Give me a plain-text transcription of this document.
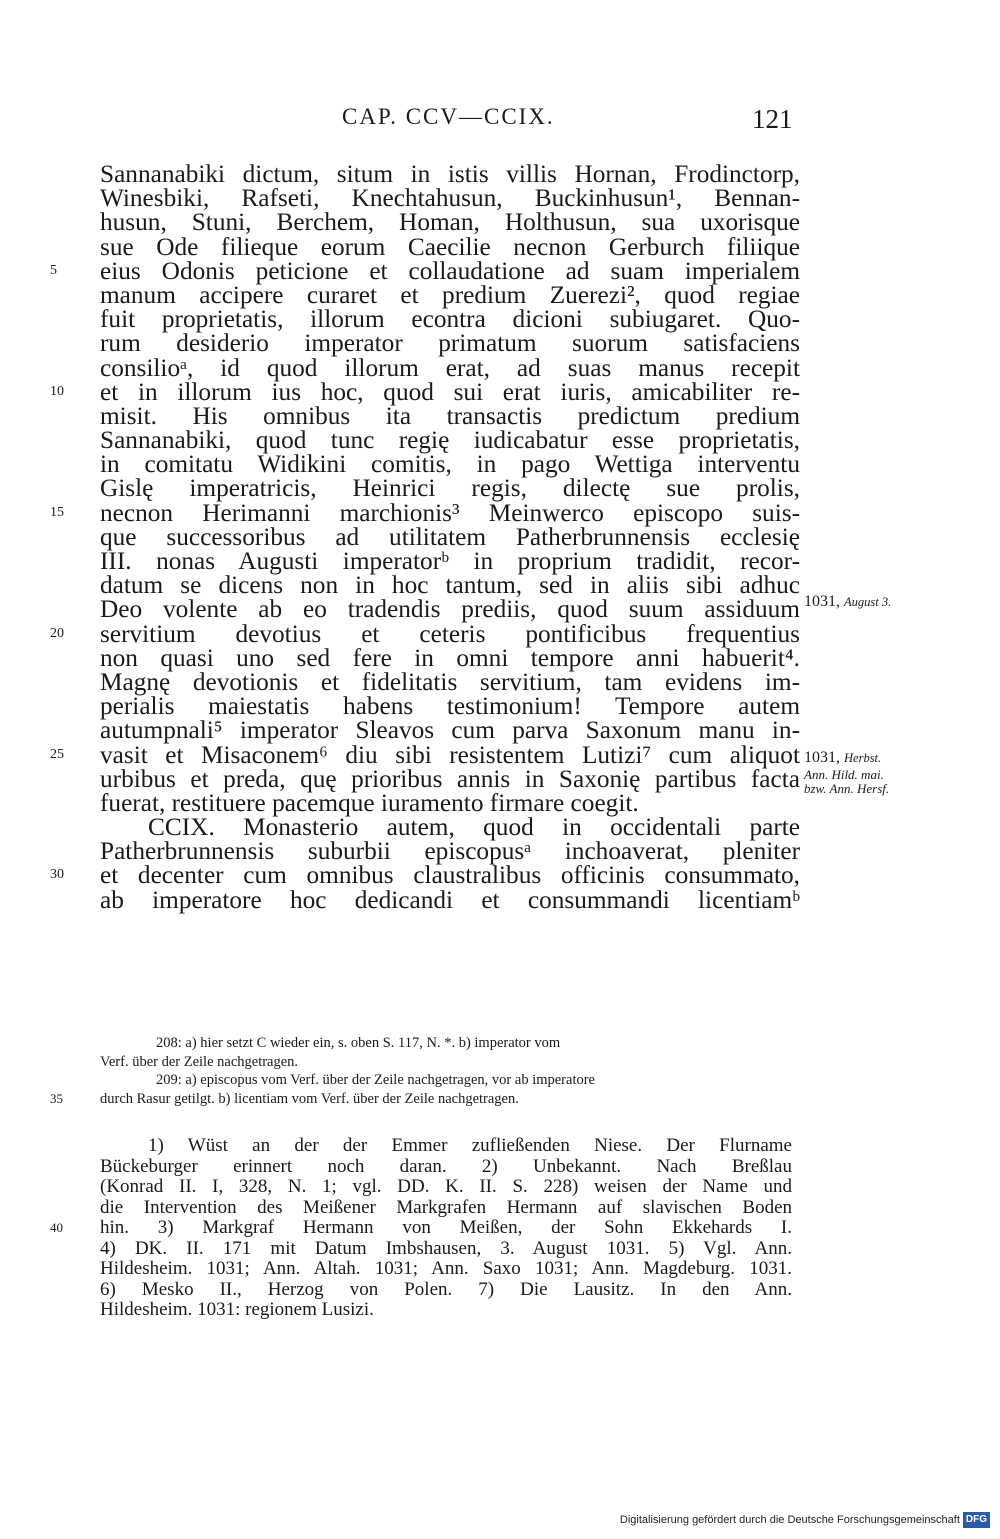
CAP. CCV—CCIX.	121
Sannanabiki dictum, situm in istis villis Hornan, Frodinctorp,
Winesbiki, Rafseti, Knechtahusun, Buckinhusun¹, Bennan-
husun, Stuni, Berchem, Homan, Holthusun, sua uxorisque
sue Ode filieque eorum Caecilie necnon Gerburch filiique
5	eius Odonis peticione et collaudatione ad suam imperialem
manum accipere curaret et predium Zuerezi², quod regiae
fuit proprietatis, illorum econtra dicioni subiugaret. Quo-
rum desiderio imperator primatum suorum satisfaciens
consilioᵃ, id quod illorum erat, ad suas manus recepit
10 et in illorum ius hoc, quod sui erat iuris, amicabiliter re-
misit. His omnibus ita transactis predictum predium
Sannanabiki, quod tunc regię iudicabatur esse proprietatis,
in comitatu Widikini comitis, in pago Wettiga interventu
Gislę imperatricis, Heinrici regis, dilectę sue prolis,
15 necnon Herimanni marchionis³ Meinwerco episcopo suis-
que successoribus ad utilitatem Patherbrunnensis ecclesię
III. nonas Augusti imperatorᵇ in proprium tradidit, recor-
datum se dicens non in hoc tantum, sed in aliis sibi adhuc
Deo volente ab eo tradendis prediis, quod suum assiduum
20 servitium devotius et ceteris pontificibus frequentius
non quasi uno sed fere in omni tempore anni habuerit⁴.
Magnę devotionis et fidelitatis servitium, tam evidens im-
perialis maiestatis habens testimonium! Tempore autem
autumpnali⁵ imperator Sleavos cum parva Saxonum manu in-
25 vasit et Misaconem⁶ diu sibi resistentem Lutizi⁷ cum aliquot
urbibus et preda, quę prioribus annis in Saxonię partibus facta
fuerat, restituere pacemque iuramento firmare coegit.
CCIX. Monasterio autem, quod in occidentali parte
Patherbrunnensis suburbii episcopusᵃ inchoaverat, pleniter
30 et decenter cum omnibus claustralibus officinis consummato,
ab imperatore hoc dedicandi et consummandi licentiamᵇ
1031, August 3.
1031, Herbst.
Ann. Hild. mai.
bzw. Ann. Hersf.
208: a) hier setzt C wieder ein, s. oben S. 117, N. *. b) imperator vom
Verf. über der Zeile nachgetragen.
209: a) episcopus vom Verf. über der Zeile nachgetragen, vor ab imperatore
35	durch Rasur getilgt. b) licentiam vom Verf. über der Zeile nachgetragen.
1) Wüst an der der Emmer zufließenden Niese. Der Flurname
Bückeburger erinnert noch daran. 2) Unbekannt. Nach Breßlau
(Konrad II. I, 328, N. 1; vgl. DD. K. II. S. 228) weisen der Name und
die Intervention des Meißener Markgrafen Hermann auf slavischen Boden
40	hin. 3) Markgraf Hermann von Meißen, der Sohn Ekkehards I.
4) DK. II. 171 mit Datum Imbshausen, 3. August 1031. 5) Vgl. Ann.
Hildesheim. 1031; Ann. Altah. 1031; Ann. Saxo 1031; Ann. Magdeburg. 1031.
6) Mesko II., Herzog von Polen. 7) Die Lausitz. In den Ann.
Hildesheim. 1031: regionem Lusizi.
Digitalisierung gefördert durch die Deutsche Forschungsgemeinschaft DFG
